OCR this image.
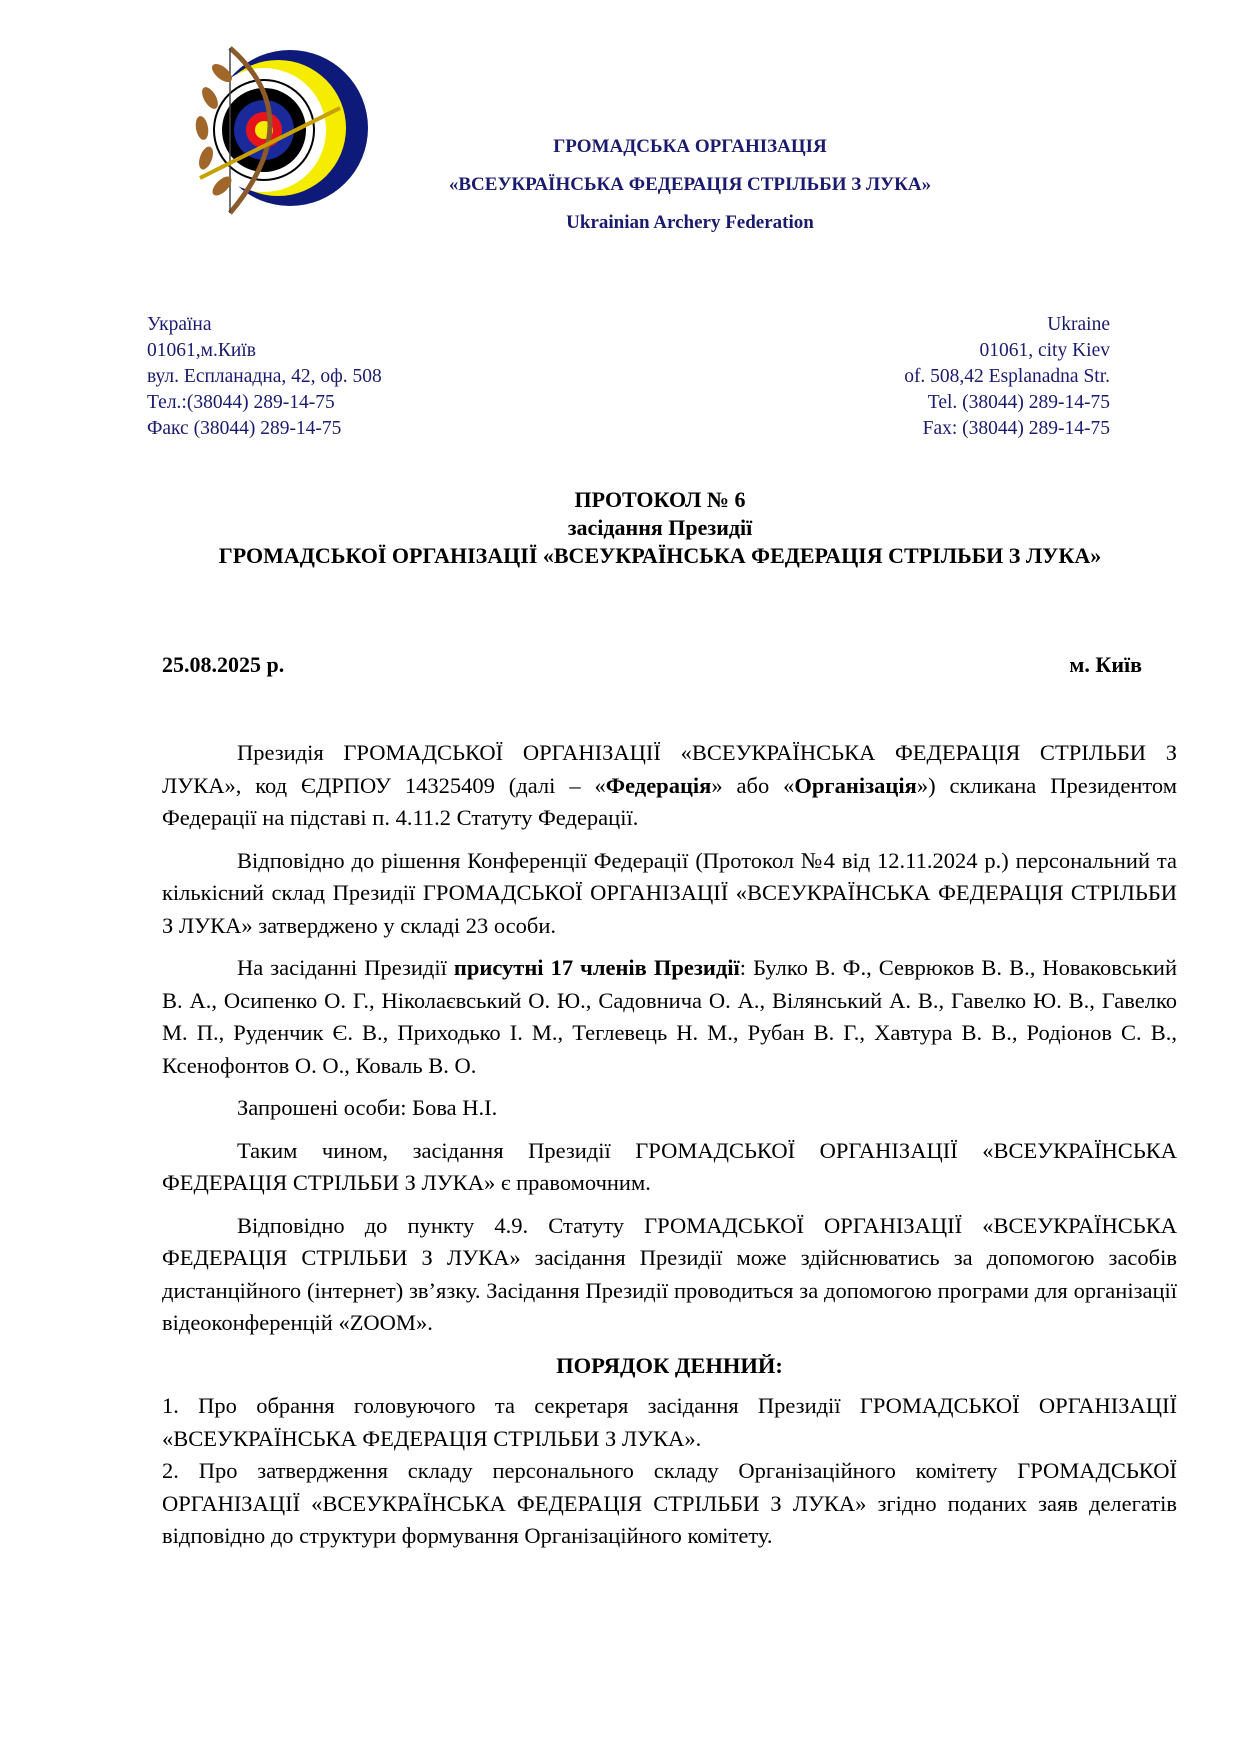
ГРОМАДСЬКА ОРГАНІЗАЦІЯ
«ВСЕУКРАЇНСЬКА ФЕДЕРАЦІЯ СТРІЛЬБИ З ЛУКА»
Ukrainian Archery Federation
Україна
01061,м.Київ
вул. Еспланадна, 42, оф. 508
Тел.:(38044) 289-14-75
Факс (38044) 289-14-75
Ukraine
01061, city Kiev
of. 508,42 Esplanadna Str.
Tel. (38044) 289-14-75
Fax: (38044) 289-14-75
ПРОТОКОЛ № 6
засідання Президії
ГРОМАДСЬКОЇ ОРГАНІЗАЦІЇ «ВСЕУКРАЇНСЬКА ФЕДЕРАЦІЯ СТРІЛЬБИ З ЛУКА»
25.08.2025 р.	м. Київ

Президія ГРОМАДСЬКОЇ ОРГАНІЗАЦІЇ «ВСЕУКРАЇНСЬКА ФЕДЕРАЦІЯ СТРІЛЬБИ З ЛУКА», код ЄДРПОУ 14325409 (далі – «Федерація» або «Організація») скликана Президентом Федерації на підставі п. 4.11.2 Статуту Федерації.

Відповідно до рішення Конференції Федерації (Протокол №4 від 12.11.2024 р.) персональний та кількісний склад Президії ГРОМАДСЬКОЇ ОРГАНІЗАЦІЇ «ВСЕУКРАЇНСЬКА ФЕДЕРАЦІЯ СТРІЛЬБИ З ЛУКА» затверджено у складі 23 особи.

На засіданні Президії присутні 17 членів Президії: Булко В. Ф., Севрюков В. В., Новаковський В. А., Осипенко О. Г., Ніколаєвський О. Ю., Садовнича О. А., Вілянський А. В., Гавелко Ю. В., Гавелко М. П., Руденчик Є. В., Приходько І. М., Теглевець Н. М., Рубан В. Г., Хавтура В. В., Родіонов С. В., Ксенофонтов О. О., Коваль В. О.

Запрошені особи: Бова Н.І.

Таким чином, засідання Президії ГРОМАДСЬКОЇ ОРГАНІЗАЦІЇ «ВСЕУКРАЇНСЬКА ФЕДЕРАЦІЯ СТРІЛЬБИ З ЛУКА» є правомочним.

Відповідно до пункту 4.9. Статуту ГРОМАДСЬКОЇ ОРГАНІЗАЦІЇ «ВСЕУКРАЇНСЬКА ФЕДЕРАЦІЯ СТРІЛЬБИ З ЛУКА» засідання Президії може здійснюватись за допомогою засобів дистанційного (інтернет) зв’язку. Засідання Президії проводиться за допомогою програми для організації відеоконференцій «ZOOM».

ПОРЯДОК ДЕННИЙ:

1. Про обрання головуючого та секретаря засідання Президії ГРОМАДСЬКОЇ ОРГАНІЗАЦІЇ «ВСЕУКРАЇНСЬКА ФЕДЕРАЦІЯ СТРІЛЬБИ З ЛУКА».

2. Про затвердження складу персонального складу Організаційного комітету ГРОМАДСЬКОЇ ОРГАНІЗАЦІЇ «ВСЕУКРАЇНСЬКА ФЕДЕРАЦІЯ СТРІЛЬБИ З ЛУКА» згідно поданих заяв делегатів відповідно до структури формування Організаційного комітету.
